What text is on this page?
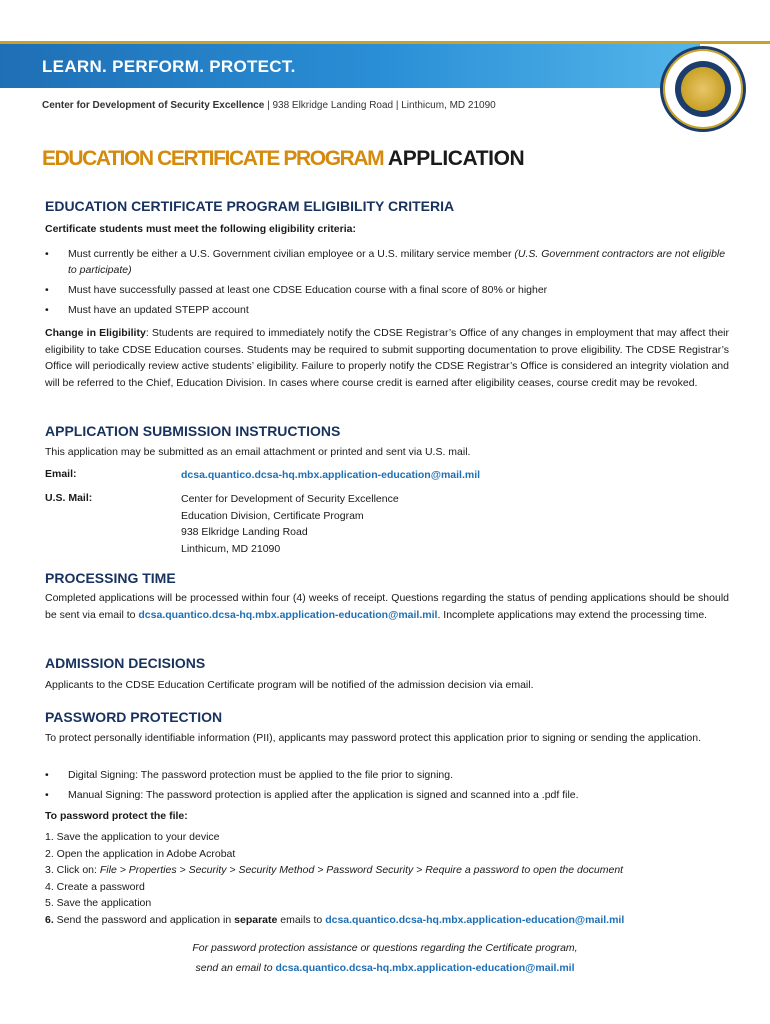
LEARN. PERFORM. PROTECT.
Center for Development of Security Excellence | 938 Elkridge Landing Road | Linthicum, MD 21090
EDUCATION CERTIFICATE PROGRAM APPLICATION
EDUCATION CERTIFICATE PROGRAM ELIGIBILITY CRITERIA
Certificate students must meet the following eligibility criteria:
• Must currently be either a U.S. Government civilian employee or a U.S. military service member (U.S. Government contractors are not eligible to participate)
• Must have successfully passed at least one CDSE Education course with a final score of 80% or higher
• Must have an updated STEPP account
Change in Eligibility: Students are required to immediately notify the CDSE Registrar’s Office of any changes in employment that may affect their eligibility to take CDSE Education courses. Students may be required to submit supporting documentation to prove eligibility. The CDSE Registrar’s Office will periodically review active students’ eligibility. Failure to properly notify the CDSE Registrar’s Office is considered an integrity violation and will be referred to the Chief, Education Division. In cases where course credit is earned after eligibility ceases, course credit may be revoked.
APPLICATION SUBMISSION INSTRUCTIONS
This application may be submitted as an email attachment or printed and sent via U.S. mail.
Email:	dcsa.quantico.dcsa-hq.mbx.application-education@mail.mil
U.S. Mail:	Center for Development of Security Excellence
Education Division, Certificate Program
938 Elkridge Landing Road
Linthicum, MD 21090
PROCESSING TIME
Completed applications will be processed within four (4) weeks of receipt. Questions regarding the status of pending applications should be should be sent via email to dcsa.quantico.dcsa-hq.mbx.application-education@mail.mil. Incomplete applications may extend the processing time.
ADMISSION DECISIONS
Applicants to the CDSE Education Certificate program will be notified of the admission decision via email.
PASSWORD PROTECTION
To protect personally identifiable information (PII), applicants may password protect this application prior to signing or sending the application.
• Digital Signing: The password protection must be applied to the file prior to signing.
• Manual Signing: The password protection is applied after the application is signed and scanned into a .pdf file.
To password protect the file:
1. Save the application to your device
2. Open the application in Adobe Acrobat
3. Click on: File > Properties > Security > Security Method > Password Security > Require a password to open the document
4. Create a password
5. Save the application
6. Send the password and application in separate emails to dcsa.quantico.dcsa-hq.mbx.application-education@mail.mil
For password protection assistance or questions regarding the Certificate program,
send an email to dcsa.quantico.dcsa-hq.mbx.application-education@mail.mil
